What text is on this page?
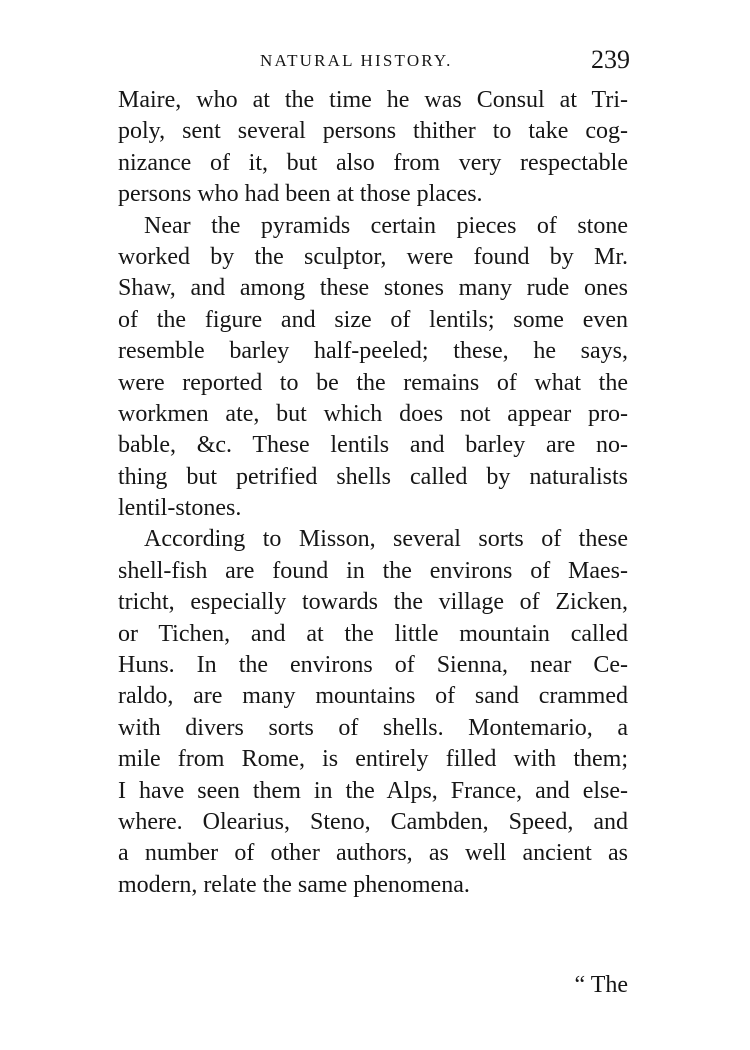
NATURAL HISTORY.	239

Maire, who at the time he was Consul at Tri-
poly, sent several persons thither to take cog-
nizance of it, but also from very respectable
persons who had been at those places.

Near the pyramids certain pieces of stone
worked by the sculptor, were found by Mr.
Shaw, and among these stones many rude ones
of the figure and size of lentils; some even
resemble barley half-peeled; these, he says,
were reported to be the remains of what the
workmen ate, but which does not appear pro-
bable, &c. These lentils and barley are no-
thing but petrified shells called by naturalists
lentil-stones.

According to Misson, several sorts of these
shell-fish are found in the environs of Maes-
tricht, especially towards the village of Zicken,
or Tichen, and at the little mountain called
Huns. In the environs of Sienna, near Ce-
raldo, are many mountains of sand crammed
with divers sorts of shells. Montemario, a
mile from Rome, is entirely filled with them;
I have seen them in the Alps, France, and else-
where. Olearius, Steno, Cambden, Speed, and
a number of other authors, as well ancient as
modern, relate the same phenomena.

“ The
